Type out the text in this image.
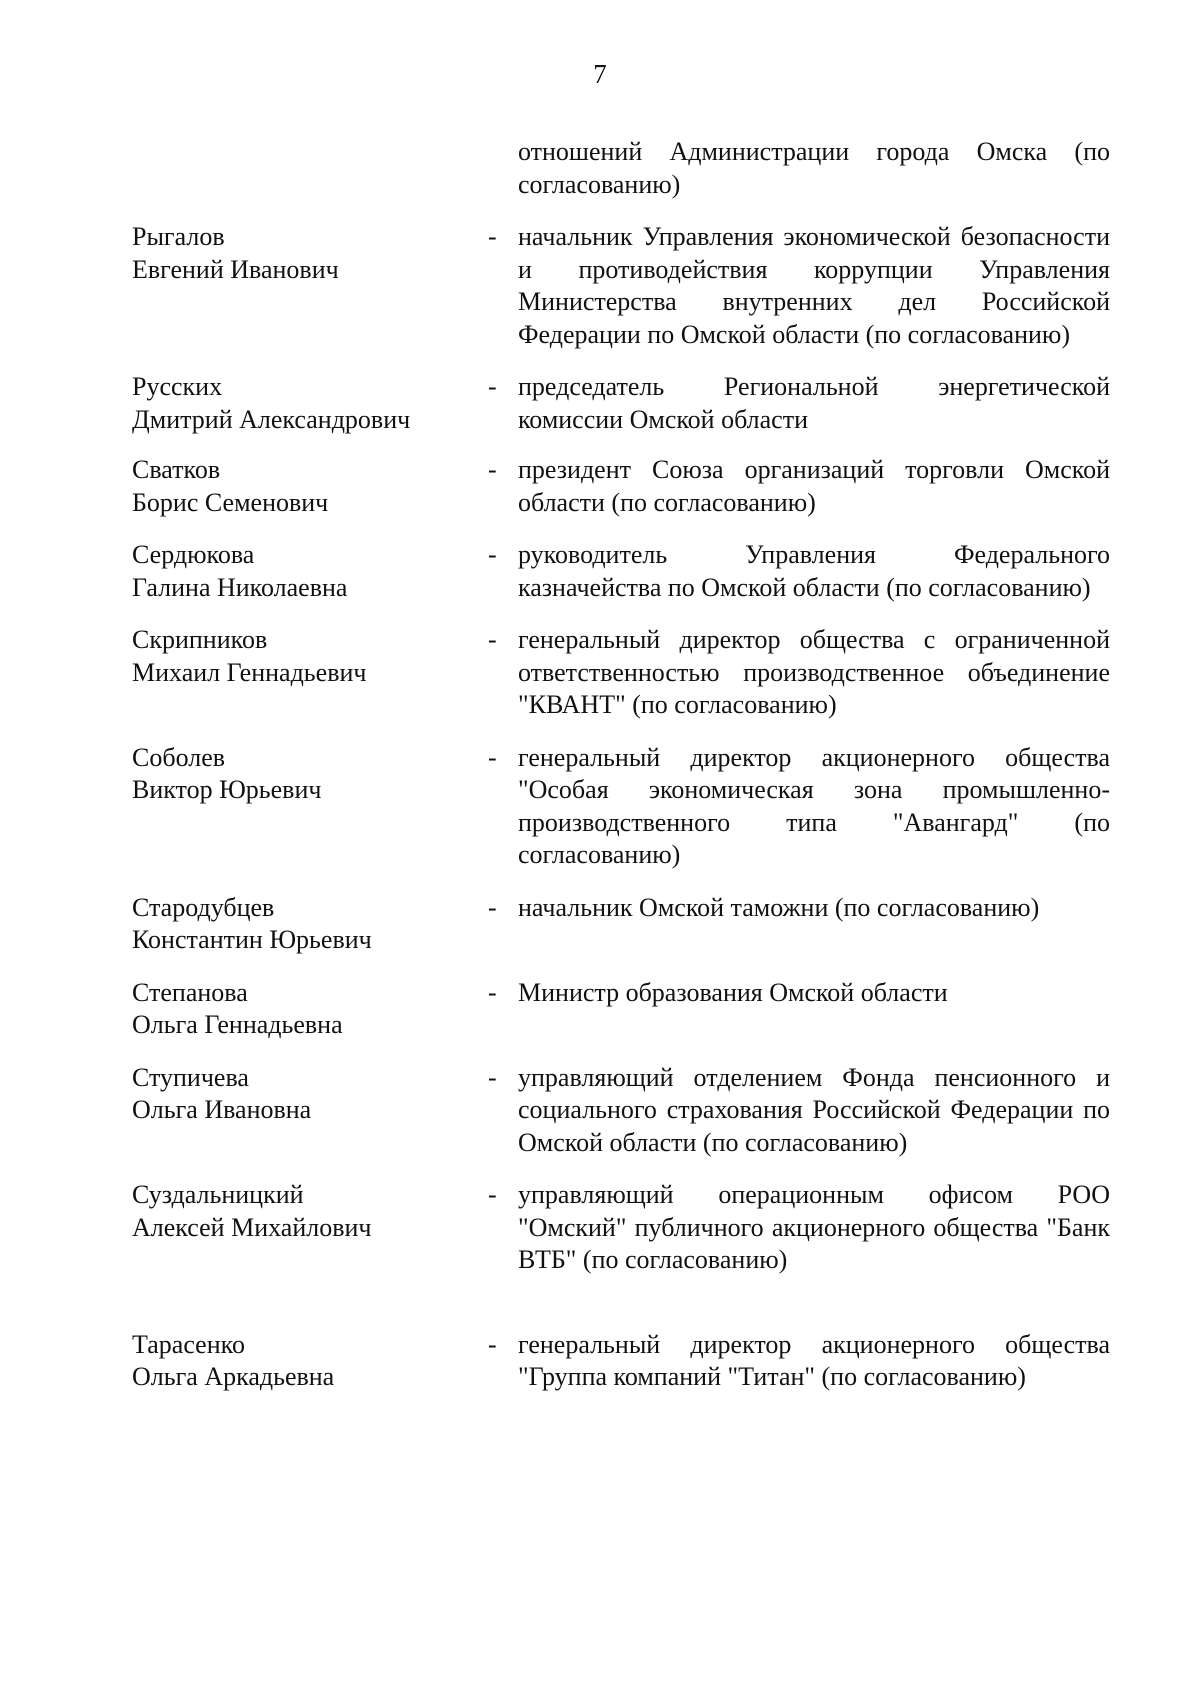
7
отношений Администрации города Омска (по согласованию)
Рыгалов
Евгений Иванович
- начальник Управления экономической безопасности и противодействия коррупции Управления Министерства внутренних дел Российской Федерации по Омской области (по согласованию)
Русских
Дмитрий Александрович
- председатель Региональной энергетической комиссии Омской области
Сватков
Борис Семенович
- президент Союза организаций торговли Омской области (по согласованию)
Сердюкова
Галина Николаевна
- руководитель Управления Федерального казначейства по Омской области (по согласованию)
Скрипников
Михаил Геннадьевич
- генеральный директор общества с ограниченной ответственностью производственное объединение "КВАНТ" (по согласованию)
Соболев
Виктор Юрьевич
- генеральный директор акционерного общества "Особая экономическая зона промышленно-производственного типа "Авангард" (по согласованию)
Стародубцев
Константин Юрьевич
- начальник Омской таможни (по согласованию)
Степанова
Ольга Геннадьевна
- Министр образования Омской области
Ступичева
Ольга Ивановна
- управляющий отделением Фонда пенсионного и социального страхования Российской Федерации по Омской области (по согласованию)
Суздальницкий
Алексей Михайлович
- управляющий операционным офисом РОО "Омский" публичного акционерного общества "Банк ВТБ" (по согласованию)
Тарасенко
Ольга Аркадьевна
- генеральный директор акционерного общества "Группа компаний "Титан" (по согласованию)
